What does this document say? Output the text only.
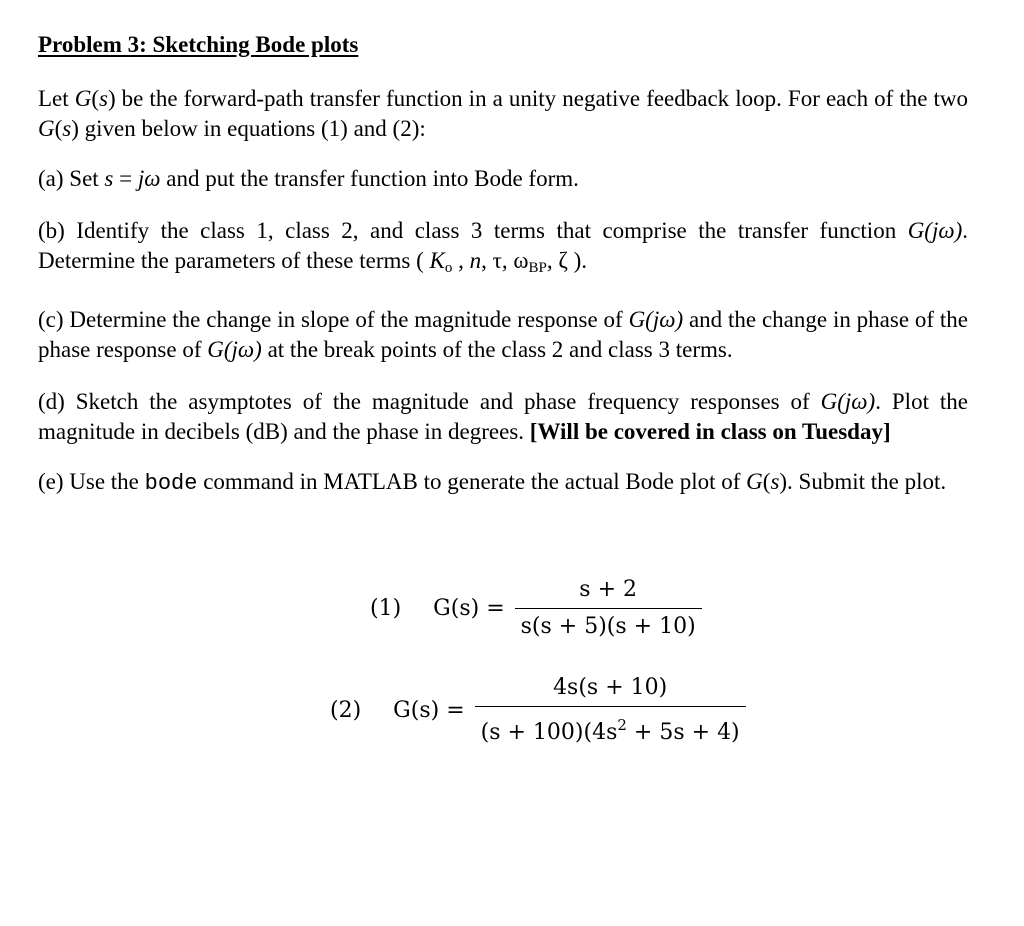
Problem 3: Sketching Bode plots

Let G(s) be the forward-path transfer function in a unity negative feedback loop. For each of the two G(s) given below in equations (1) and (2):

(a) Set s = jω and put the transfer function into Bode form.

(b) Identify the class 1, class 2, and class 3 terms that comprise the transfer function G(jω). Determine the parameters of these terms ( $K_o$ , n, τ, $\omega_{BP}$, ζ ).

(c) Determine the change in slope of the magnitude response of G(jω) and the change in phase of the phase response of G(jω) at the break points of the class 2 and class 3 terms.

(d) Sketch the asymptotes of the magnitude and phase frequency responses of G(jω). Plot the magnitude in decibels (dB) and the phase in degrees. [Will be covered in class on Tuesday]

(e) Use the bode command in MATLAB to generate the actual Bode plot of G(s). Submit the plot.

(1) $G(s) = \frac{s + 2}{s(s + 5)(s + 10)}$
(2) $G(s) = \frac{4s(s + 10)}{(s + 100)(4s^2 + 5s + 4)}$
